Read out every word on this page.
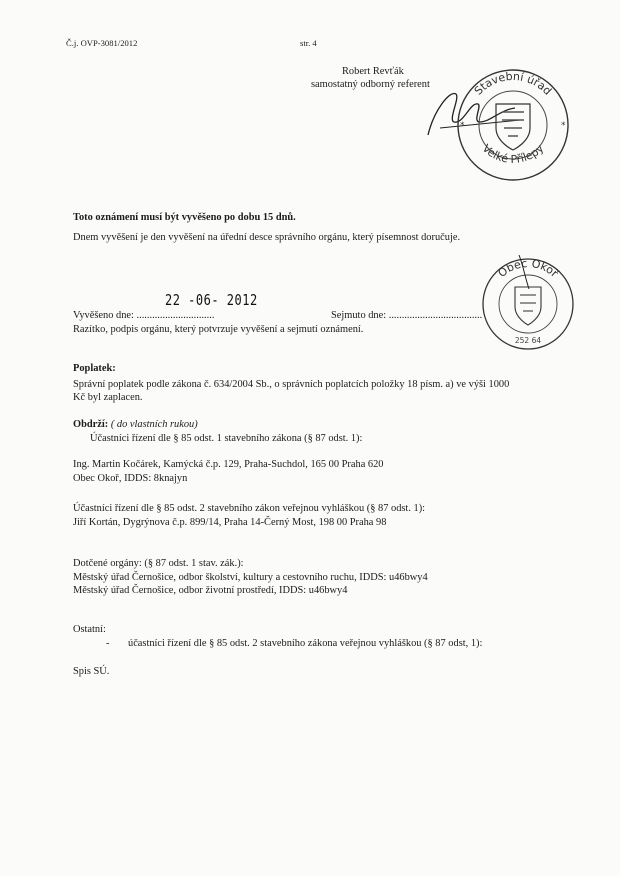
Č.j. OVP-3081/2012	str. 4
Robert Revťák
samostatný odborný referent	Stavební úřad
Velké Přílepy
*
*
Toto oznámení musí být vyvěšeno po dobu 15 dnů.
Dnem vyvěšení je den vyvěšení na úřední desce správního orgánu, který písemnost doručuje.
Obec Okoř
252 64
22 -06- 2012
Vyvěšeno dne: ..............................	Sejmuto dne: ....................................
Razítko, podpis orgánu, který potvrzuje vyvěšení a sejmutí oznámení.
Poplatek:
Správní poplatek podle zákona č. 634/2004 Sb., o správních poplatcích položky 18 písm. a) ve výši 1000
Kč byl zaplacen.
Obdrží: ( do vlastních rukou)
Účastníci řízení dle § 85 odst. 1 stavebního zákona (§ 87 odst. 1):
Ing. Martin Kočárek, Kamýcká č.p. 129, Praha-Suchdol, 165 00 Praha 620
Obec Okoř, IDDS: 8knajyn
Účastníci řízení dle § 85 odst. 2 stavebního zákon veřejnou vyhláškou (§ 87 odst. 1):
Jiří Kortán, Dygrýnova č.p. 899/14, Praha 14-Černý Most, 198 00 Praha 98
Dotčené orgány: (§ 87 odst. 1 stav. zák.):
Městský úřad Černošice, odbor školství, kultury a cestovního ruchu, IDDS: u46bwy4
Městský úřad Černošice, odbor životní prostředí, IDDS: u46bwy4
Ostatní:
- účastníci řízení dle § 85 odst. 2 stavebního zákona veřejnou vyhláškou (§ 87 odst, 1):
Spis SÚ.
